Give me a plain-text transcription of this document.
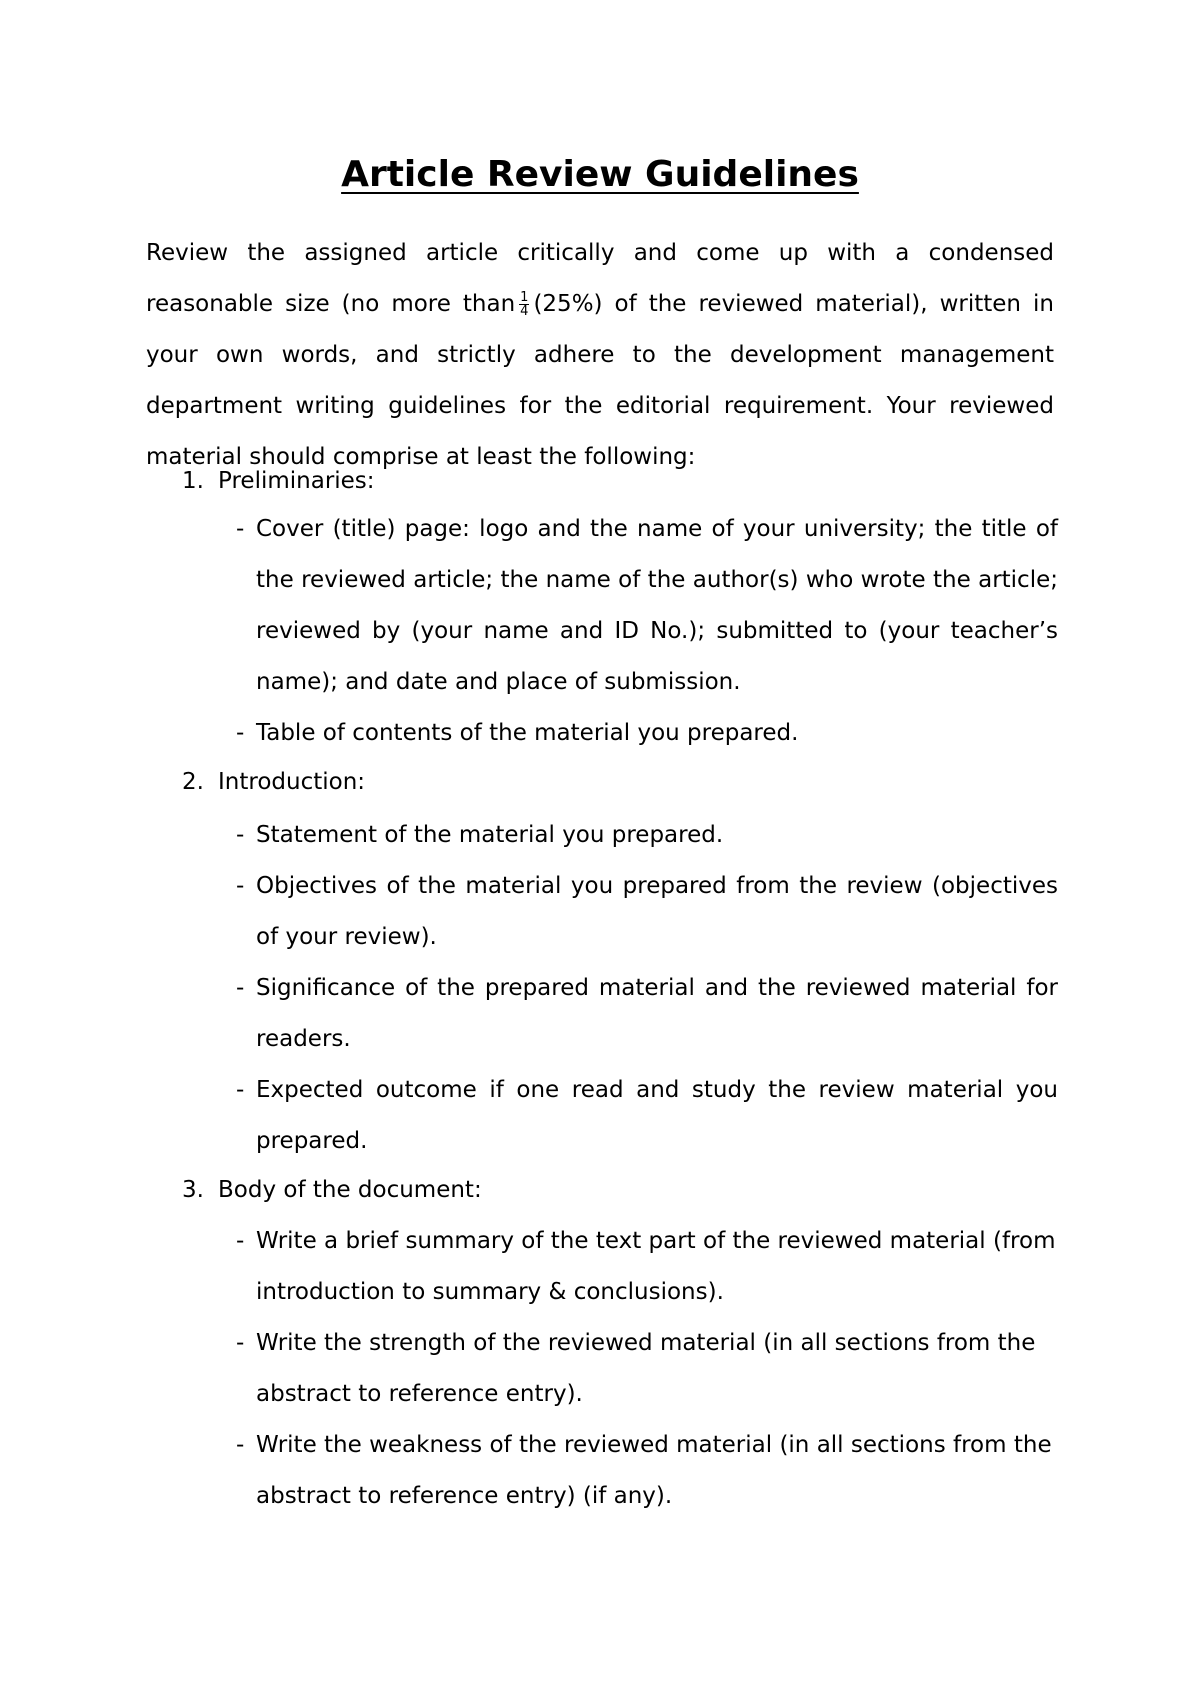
Article Review Guidelines

Review the assigned article critically and come up with a condensed reasonable size (no more than $\frac{1}{4} (25\%)$ of the reviewed material), written in your own words, and strictly adhere to the development management department writing guidelines for the editorial requirement. Your reviewed material should comprise at least the following:

1. Preliminaries:

- Cover (title) page: logo and the name of your university; the title of the reviewed article; the name of the author(s) who wrote the article; reviewed by (your name and ID No.); submitted to (your teacher’s name); and date and place of submission.
- Table of contents of the material you prepared.

2. Introduction:

- Statement of the material you prepared.
- Objectives of the material you prepared from the review (objectives of your review).
- Significance of the prepared material and the reviewed material for readers.
- Expected outcome if one read and study the review material you prepared.

3. Body of the document:

- Write a brief summary of the text part of the reviewed material (from introduction to summary & conclusions).
- Write the strength of the reviewed material (in all sections from the abstract to reference entry).
- Write the weakness of the reviewed material (in all sections from the abstract to reference entry) (if any).
